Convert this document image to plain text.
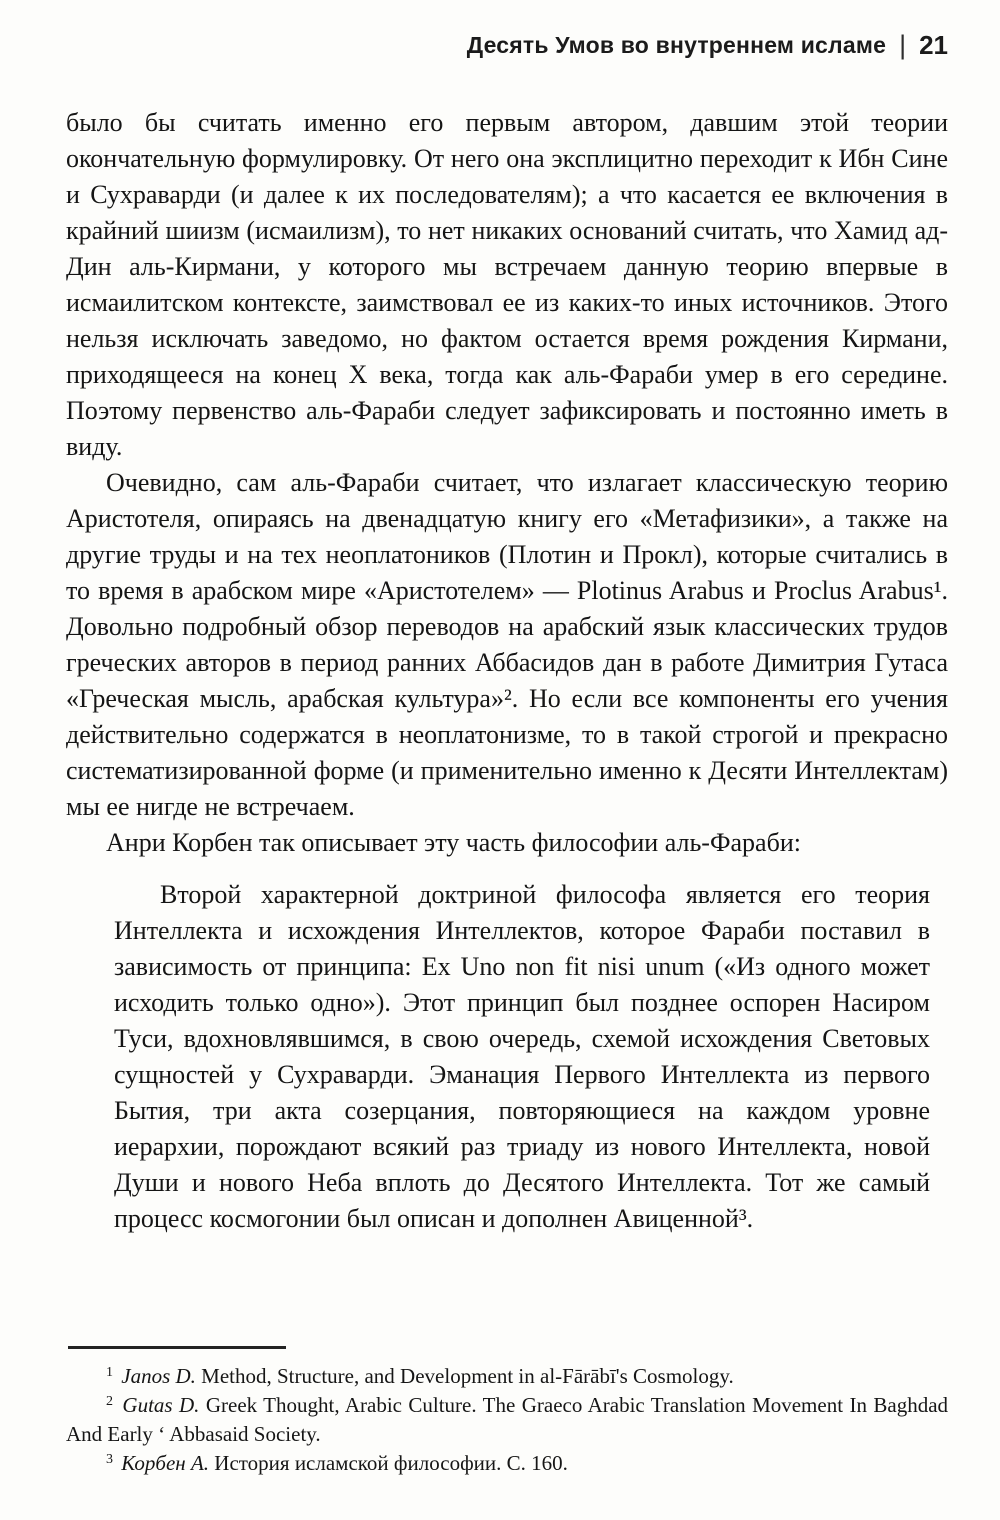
Десять Умов во внутреннем исламе | 21

было бы считать именно его первым автором, давшим этой теории окончательную формулировку. От него она эксплицитно переходит к Ибн Сине и Сухраварди (и далее к их последователям); а что касается ее включения в крайний шиизм (исмаилизм), то нет никаких оснований считать, что Хамид ад-Дин аль-Кирмани, у которого мы встречаем данную теорию впервые в исмаилитском контексте, заимствовал ее из каких-то иных источников. Этого нельзя исключать заведомо, но фактом остается время рождения Кирмани, приходящееся на конец X века, тогда как аль-Фараби умер в его середине. Поэтому первенство аль-Фараби следует зафиксировать и постоянно иметь в виду.

Очевидно, сам аль-Фараби считает, что излагает классическую теорию Аристотеля, опираясь на двенадцатую книгу его «Метафизики», а также на другие труды и на тех неоплатоников (Плотин и Прокл), которые считались в то время в арабском мире «Аристотелем» — Plotinus Arabus и Proclus Arabus¹. Довольно подробный обзор переводов на арабский язык классических трудов греческих авторов в период ранних Аббасидов дан в работе Димитрия Гутаса «Греческая мысль, арабская культура»². Но если все компоненты его учения действительно содержатся в неоплатонизме, то в такой строгой и прекрасно систематизированной форме (и применительно именно к Десяти Интеллектам) мы ее нигде не встречаем.

Анри Корбен так описывает эту часть философии аль-Фараби:

Второй характерной доктриной философа является его теория Интеллекта и исхождения Интеллектов, которое Фараби поставил в зависимость от принципа: Ex Uno non fit nisi unum («Из одного может исходить только одно»). Этот принцип был позднее оспорен Насиром Туси, вдохновлявшимся, в свою очередь, схемой исхождения Световых сущностей у Сухраварди. Эманация Первого Интеллекта из первого Бытия, три акта созерцания, повторяющиеся на каждом уровне иерархии, порождают всякий раз триаду из нового Интеллекта, новой Души и нового Неба вплоть до Десятого Интеллекта. Тот же самый процесс космогонии был описан и дополнен Авиценной³.

$^1$ Janos D. Method, Structure, and Development in al-Fārābī's Cosmology.

$^2$ Gutas D. Greek Thought, Arabic Culture. The Graeco Arabic Translation Movement In Baghdad And Early ‘ Abbasaid Society.

$^3$ Корбен А. История исламской философии. С. 160.
